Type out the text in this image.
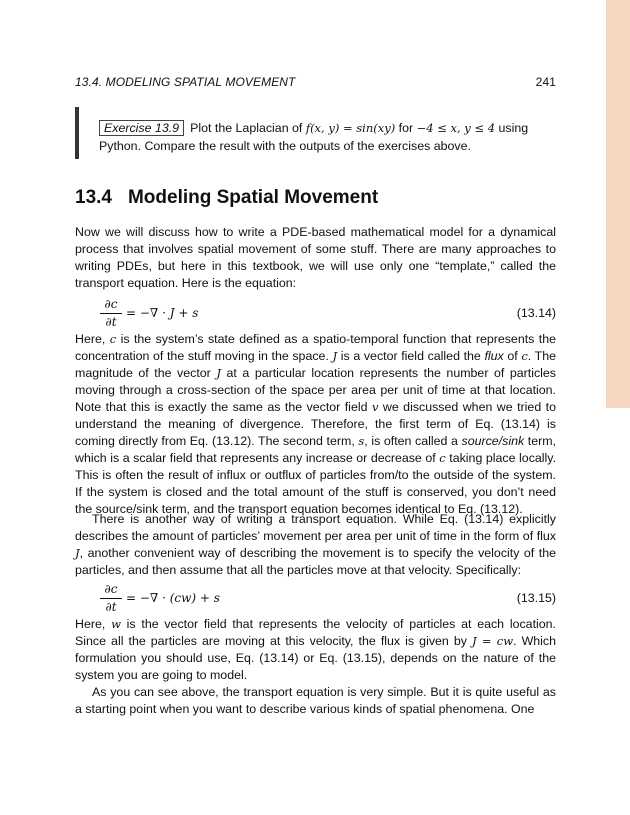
13.4. MODELING SPATIAL MOVEMENT	241
Exercise 13.9 Plot the Laplacian of f(x, y) = sin(xy) for −4 ≤ x, y ≤ 4 using Python. Compare the result with the outputs of the exercises above.
13.4 Modeling Spatial Movement
Now we will discuss how to write a PDE-based mathematical model for a dynamical process that involves spatial movement of some stuff. There are many approaches to writing PDEs, but here in this textbook, we will use only one “template,” called the transport equation. Here is the equation:
∂c
∂t
= −∇ · J + s	(13.14)
Here, c is the system’s state defined as a spatio-temporal function that represents the concentration of the stuff moving in the space. J is a vector field called the flux of c. The magnitude of the vector J at a particular location represents the number of particles moving through a cross-section of the space per area per unit of time at that location. Note that this is exactly the same as the vector field v we discussed when we tried to understand the meaning of divergence. Therefore, the first term of Eq. (13.14) is coming directly from Eq. (13.12). The second term, s, is often called a source/sink term, which is a scalar field that represents any increase or decrease of c taking place locally. This is often the result of influx or outflux of particles from/to the outside of the system. If the system is closed and the total amount of the stuff is conserved, you don’t need the source/sink term, and the transport equation becomes identical to Eq. (13.12).
There is another way of writing a transport equation. While Eq. (13.14) explicitly describes the amount of particles’ movement per area per unit of time in the form of flux J, another convenient way of describing the movement is to specify the velocity of the particles, and then assume that all the particles move at that velocity. Specifically:
∂c
∂t
= −∇ · (cw) + s	(13.15)
Here, w is the vector field that represents the velocity of particles at each location. Since all the particles are moving at this velocity, the flux is given by J = cw. Which formulation you should use, Eq. (13.14) or Eq. (13.15), depends on the nature of the system you are going to model.
As you can see above, the transport equation is very simple. But it is quite useful as a starting point when you want to describe various kinds of spatial phenomena. One
